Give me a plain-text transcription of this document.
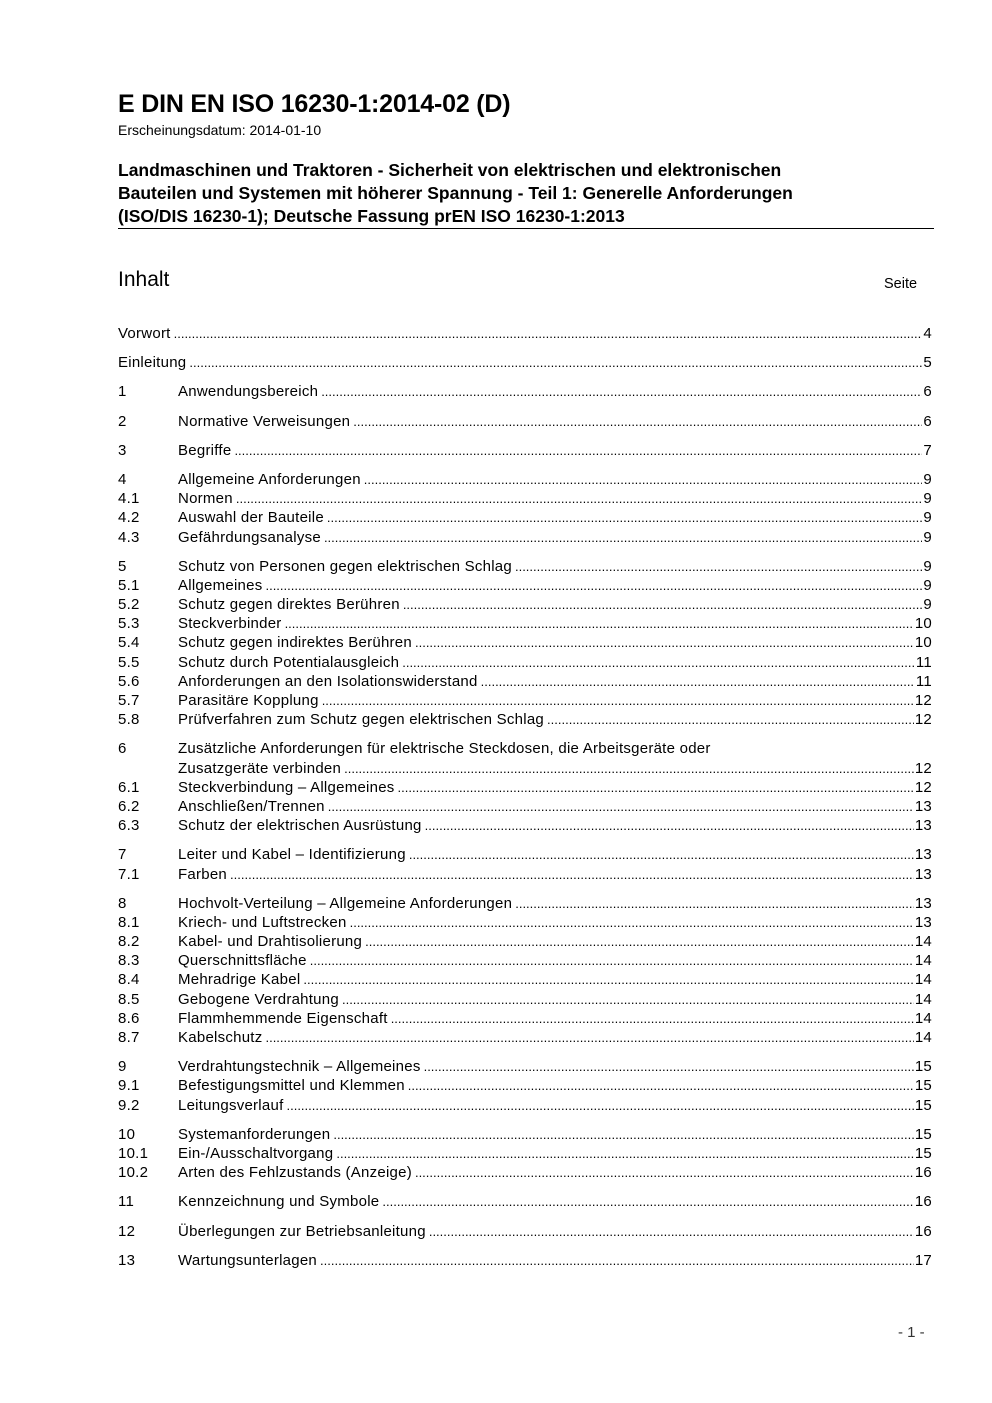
E DIN EN ISO 16230-1:2014-02 (D)
Erscheinungsdatum: 2014-01-10
Landmaschinen und Traktoren - Sicherheit von elektrischen und elektronischen
Bauteilen und Systemen mit höherer Spannung - Teil 1: Generelle Anforderungen
(ISO/DIS 16230-1); Deutsche Fassung prEN ISO 16230-1:2013
Inhalt	Seite
Vorwort .....	4
Einleitung .....	5
1	Anwendungsbereich .....	6
2	Normative Verweisungen .....	6
3	Begriffe .....	7
4	Allgemeine Anforderungen .....	9
4.1	Normen .....	9
4.2	Auswahl der Bauteile .....	9
4.3	Gefährdungsanalyse .....	9
5	Schutz von Personen gegen elektrischen Schlag .....	9
5.1	Allgemeines .....	9
5.2	Schutz gegen direktes Berühren .....	9
5.3	Steckverbinder .....	10
5.4	Schutz gegen indirektes Berühren .....	10
5.5	Schutz durch Potentialausgleich .....	11
5.6	Anforderungen an den Isolationswiderstand .....	11
5.7	Parasitäre Kopplung .....	12
5.8	Prüfverfahren zum Schutz gegen elektrischen Schlag .....	12
6	Zusätzliche Anforderungen für elektrische Steckdosen, die Arbeitsgeräte oder
Zusatzgeräte verbinden .....	12
6.1	Steckverbindung – Allgemeines .....	12
6.2	Anschließen/Trennen .....	13
6.3	Schutz der elektrischen Ausrüstung .....	13
7	Leiter und Kabel – Identifizierung .....	13
7.1	Farben .....	13
8	Hochvolt-Verteilung – Allgemeine Anforderungen .....	13
8.1	Kriech- und Luftstrecken .....	13
8.2	Kabel- und Drahtisolierung .....	14
8.3	Querschnittsfläche .....	14
8.4	Mehradrige Kabel .....	14
8.5	Gebogene Verdrahtung .....	14
8.6	Flammhemmende Eigenschaft .....	14
8.7	Kabelschutz .....	14
9	Verdrahtungstechnik – Allgemeines .....	15
9.1	Befestigungsmittel und Klemmen .....	15
9.2	Leitungsverlauf .....	15
10	Systemanforderungen .....	15
10.1	Ein-/Ausschaltvorgang .....	15
10.2	Arten des Fehlzustands (Anzeige) .....	16
11	Kennzeichnung und Symbole .....	16
12	Überlegungen zur Betriebsanleitung .....	16
13	Wartungsunterlagen .....	17
- 1 -
